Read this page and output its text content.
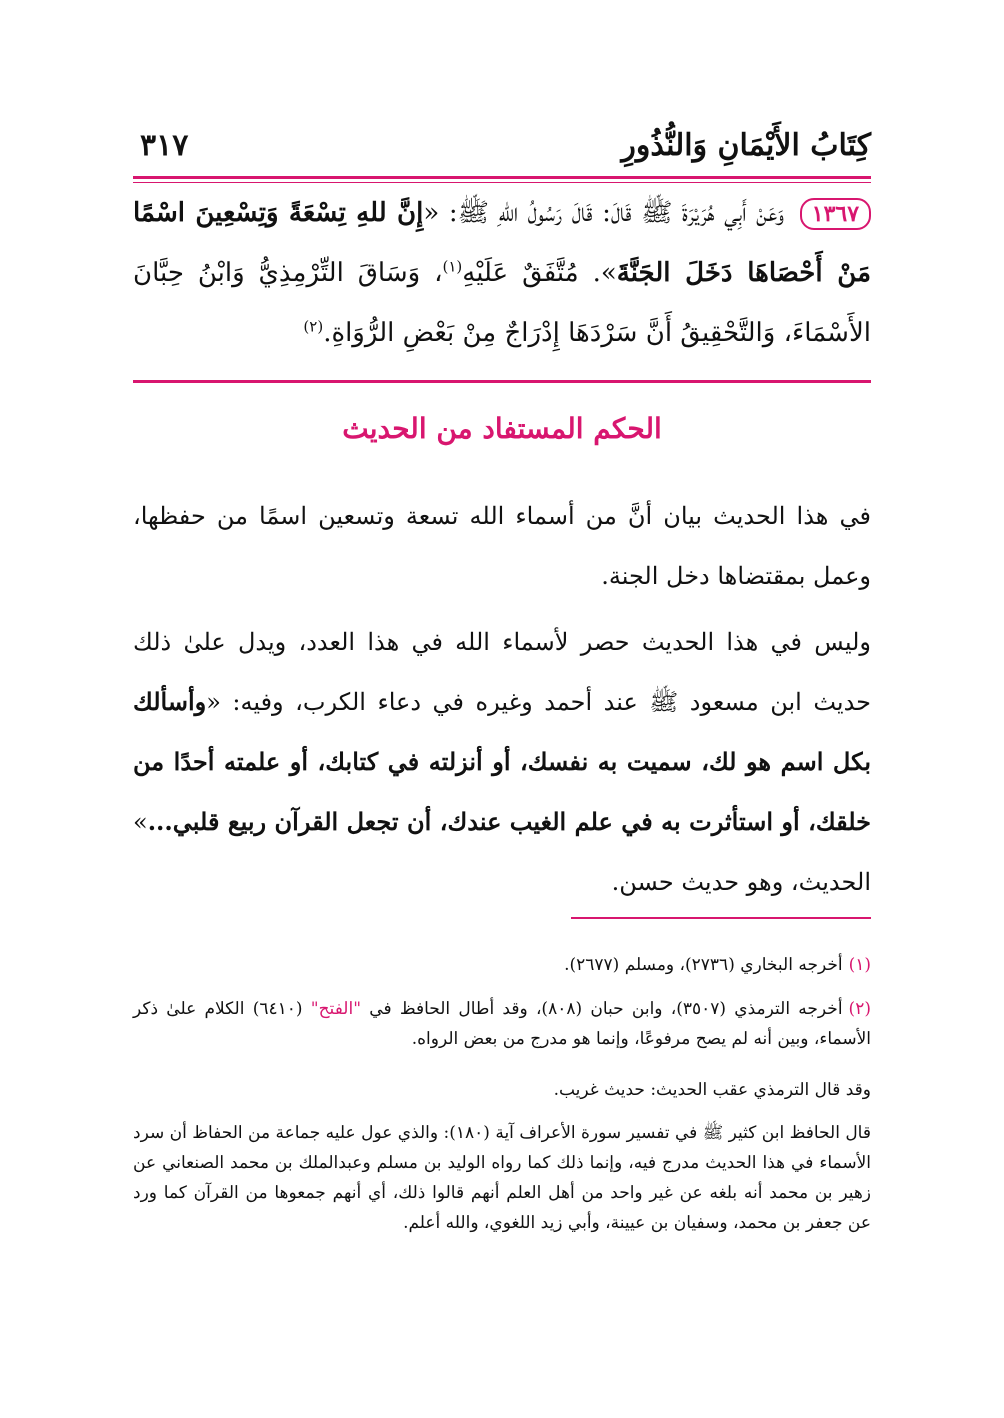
كِتَابُ الأَيْمَانِ وَالنُّذُورِ
٣١٧
١٣٦٧ وَعَنْ أَبِي هُرَيْرَةَ ﷺ قَالَ: قَالَ رَسُولُ اللهِ ﷺ: «إِنَّ للهِ تِسْعَةً وَتِسْعِينَ اسْمًا مَنْ أَحْصَاهَا دَخَلَ الجَنَّةَ». مُتَّفَقٌ عَلَيْهِ$^{(١)}$، وَسَاقَ التِّرْمِذِيُّ وَابْنُ حِبَّانَ الأَسْمَاءَ، وَالتَّحْقِيقُ أَنَّ سَرْدَهَا إِدْرَاجٌ مِنْ بَعْضِ الرُّوَاةِ.$^{(٢)}$
الحكم المستفاد من الحديث
في هذا الحديث بيان أنَّ من أسماء الله تسعة وتسعين اسمًا من حفظها، وعمل بمقتضاها دخل الجنة.
وليس في هذا الحديث حصر لأسماء الله في هذا العدد، ويدل علىٰ ذلك حديث ابن مسعود ﷺ عند أحمد وغيره في دعاء الكرب، وفيه: «وأسألك بكل اسم هو لك، سميت به نفسك، أو أنزلته في كتابك، أو علمته أحدًا من خلقك، أو استأثرت به في علم الغيب عندك، أن تجعل القرآن ربيع قلبي...» الحديث، وهو حديث حسن.
(١)أخرجه البخاري (٢٧٣٦)، ومسلم (٢٦٧٧).
(٢)أخرجه الترمذي (٣٥٠٧)، وابن حبان (٨٠٨)، وقد أطال الحافظ في "الفتح" (٦٤١٠) الكلام علىٰ ذكر الأسماء، وبين أنه لم يصح مرفوعًا، وإنما هو مدرج من بعض الرواه.
وقد قال الترمذي عقب الحديث: حديث غريب.
قال الحافظ ابن كثير ﷺ في تفسير سورة الأعراف آية (١٨٠): والذي عول عليه جماعة من الحفاظ أن سرد الأسماء في هذا الحديث مدرج فيه، وإنما ذلك كما رواه الوليد بن مسلم وعبدالملك بن محمد الصنعاني عن زهير بن محمد أنه بلغه عن غير واحد من أهل العلم أنهم قالوا ذلك، أي أنهم جمعوها من القرآن كما ورد عن جعفر بن محمد، وسفيان بن عيينة، وأبي زيد اللغوي، والله أعلم.
